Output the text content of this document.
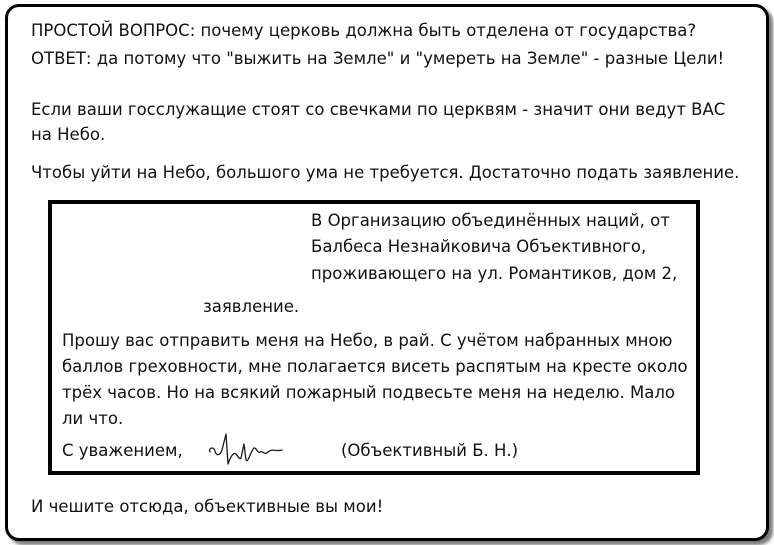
ПРОСТОЙ ВОПРОС: почему церковь должна быть отделена от государства?
ОТВЕТ: да потому что "выжить на Земле" и "умереть на Земле" - разные Цели!
Если ваши госслужащие стоят со свечками по церквям - значит они ведут ВАС
на Небо.
Чтобы уйти на Небо, большого ума не требуется. Достаточно подать заявление.
В Организацию объединённых наций, от
Балбеса Незнайковича Объективного,
проживающего на ул. Романтиков, дом 2,
заявление.
Прошу вас отправить меня на Небо, в рай. С учётом набранных мною
баллов греховности, мне полагается висеть распятым на кресте около
трёх часов. Но на всякий пожарный подвесьте меня на неделю. Мало
ли что.
С уважением,	(Объективный Б. Н.)
И чешите отсюда, объективные вы мои!
